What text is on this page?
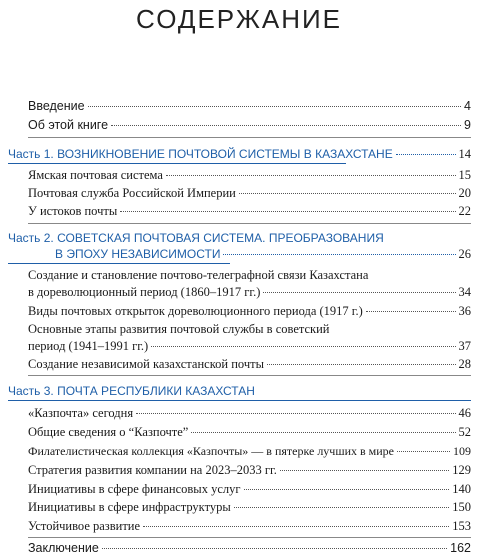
СОДЕРЖАНИЕ
Введение	4
Об этой книге	9
Часть 1. ВОЗНИКНОВЕНИЕ ПОЧТОВОЙ СИСТЕМЫ В КАЗАХСТАНЕ	14
Ямская почтовая система	15
Почтовая служба Российской Империи	20
У истоков почты	22
Часть 2. СОВЕТСКАЯ ПОЧТОВАЯ СИСТЕМА. ПРЕОБРАЗОВАНИЯ
В ЭПОХУ НЕЗАВИСИМОСТИ	26
Создание и становление почтово-телеграфной связи Казахстана
в дореволюционный период (1860–1917 гг.)	34
Виды почтовых открыток дореволюционного периода (1917 г.)	36
Основные этапы развития почтовой службы в советский
период (1941–1991 гг.)	37
Создание независимой казахстанской почты	28
Часть 3. ПОЧТА РЕСПУБЛИКИ КАЗАХСТАН
«Казпочта» сегодня	46
Общие сведения о “Казпочте”	52
Филателистическая коллекция «Казпочты» — в пятерке лучших в мире	109
Стратегия развития компании на 2023–2033 гг.	129
Инициативы в сфере финансовых услуг	140
Инициативы в сфере инфраструктуры	150
Устойчивое развитие	153
Заключение	162
